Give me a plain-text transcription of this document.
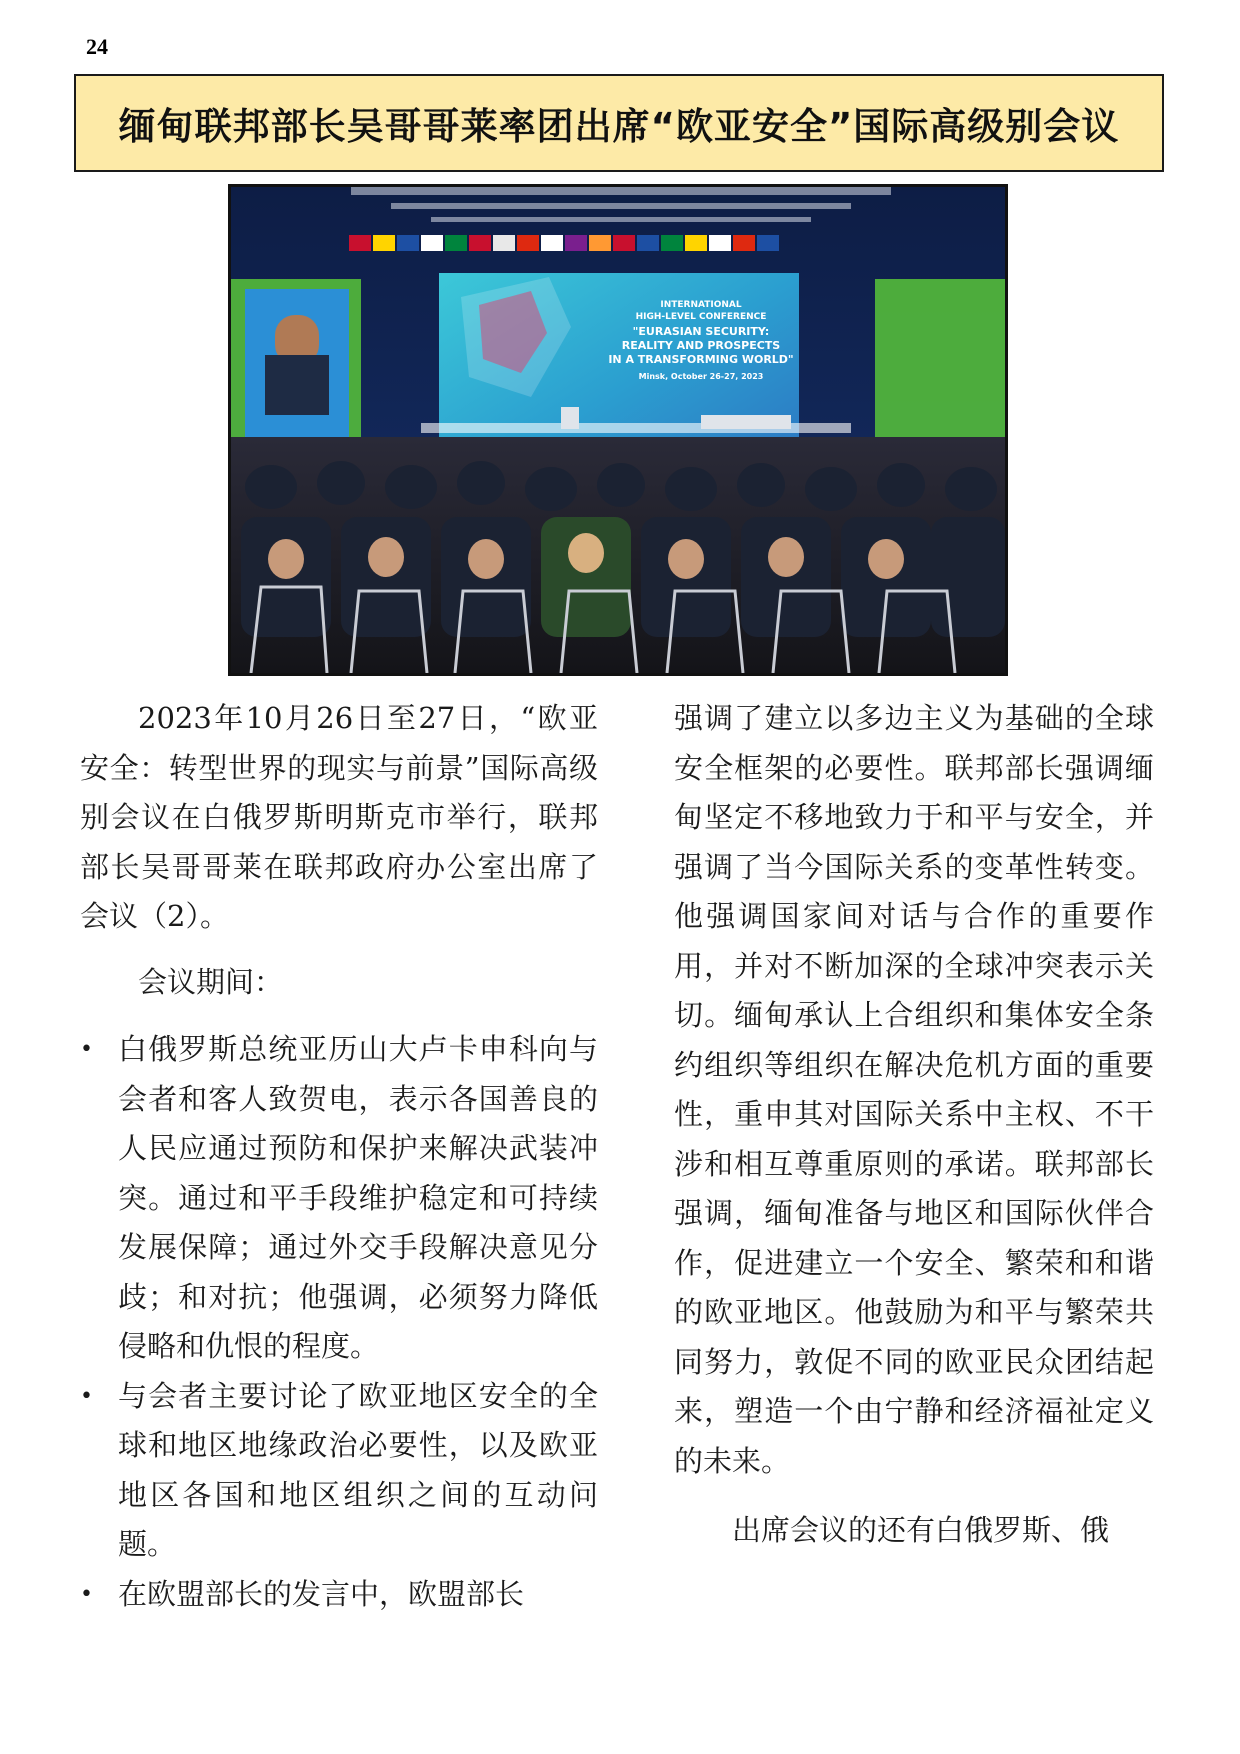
24
缅甸联邦部长吴哥哥莱率团出席“欧亚安全”国际高级别会议
INTERNATIONAL
HIGH-LEVEL CONFERENCE
"EURASIAN SECURITY:
REALITY AND PROSPECTS
IN A TRANSFORMING WORLD"
Minsk, October 26-27, 2023

2023年10月26日至27日，“欧亚安全：转型世界的现实与前景”国际高级别会议在白俄罗斯明斯克市举行，联邦部长吴哥哥莱在联邦政府办公室出席了会议（2）。

会议期间：

• 白俄罗斯总统亚历山大卢卡申科向与会者和客人致贺电，表示各国善良的人民应通过预防和保护来解决武装冲突。通过和平手段维护稳定和可持续发展保障；通过外交手段解决意见分歧；和对抗；他强调，必须努力降低侵略和仇恨的程度。
• 与会者主要讨论了欧亚地区安全的全球和地区地缘政治必要性，以及欧亚地区各国和地区组织之间的互动问题。
• 在欧盟部长的发言中，欧盟部长

强调了建立以多边主义为基础的全球安全框架的必要性。联邦部长强调缅甸坚定不移地致力于和平与安全，并强调了当今国际关系的变革性转变。他强调国家间对话与合作的重要作用，并对不断加深的全球冲突表示关切。缅甸承认上合组织和集体安全条约组织等组织在解决危机方面的重要性，重申其对国际关系中主权、不干涉和相互尊重原则的承诺。联邦部长强调，缅甸准备与地区和国际伙伴合作，促进建立一个安全、繁荣和和谐的欧亚地区。他鼓励为和平与繁荣共同努力，敦促不同的欧亚民众团结起来，塑造一个由宁静和经济福祉定义的未来。

出席会议的还有白俄罗斯、俄
